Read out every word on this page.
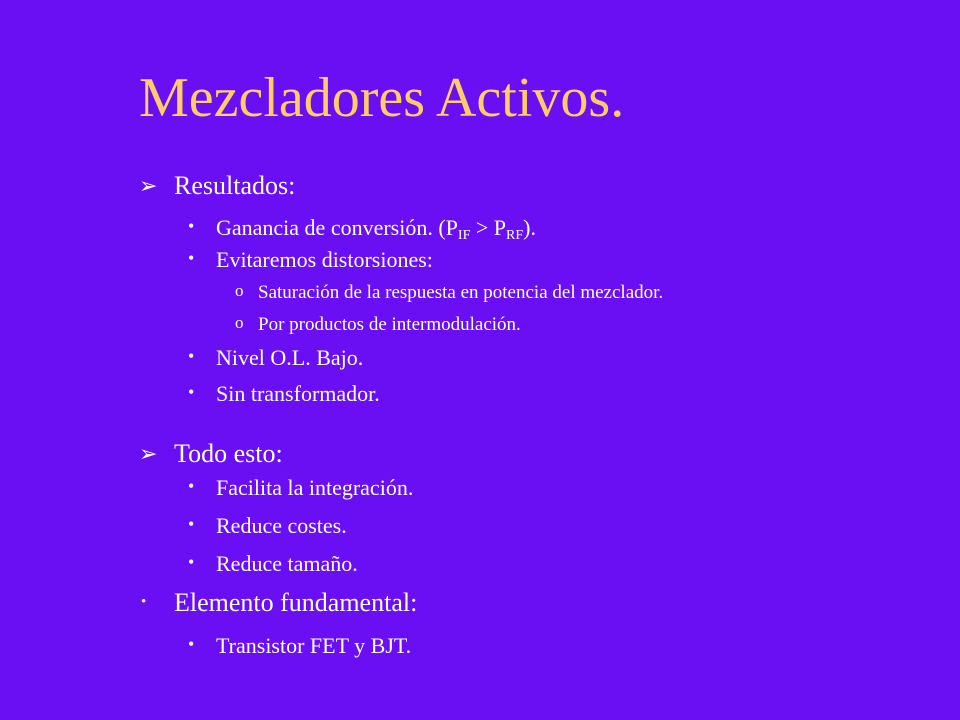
Mezcladores Activos.
➢ Resultados:
• Ganancia de conversión. $(P_{IF} > P_{RF})$.
• Evitaremos distorsiones:
o Saturación de la respuesta en potencia del mezclador.
o Por productos de intermodulación.
• Nivel O.L. Bajo.
• Sin transformador.
➢ Todo esto:
• Facilita la integración.
• Reduce costes.
• Reduce tamaño.
• Elemento fundamental:
• Transistor FET y BJT.
